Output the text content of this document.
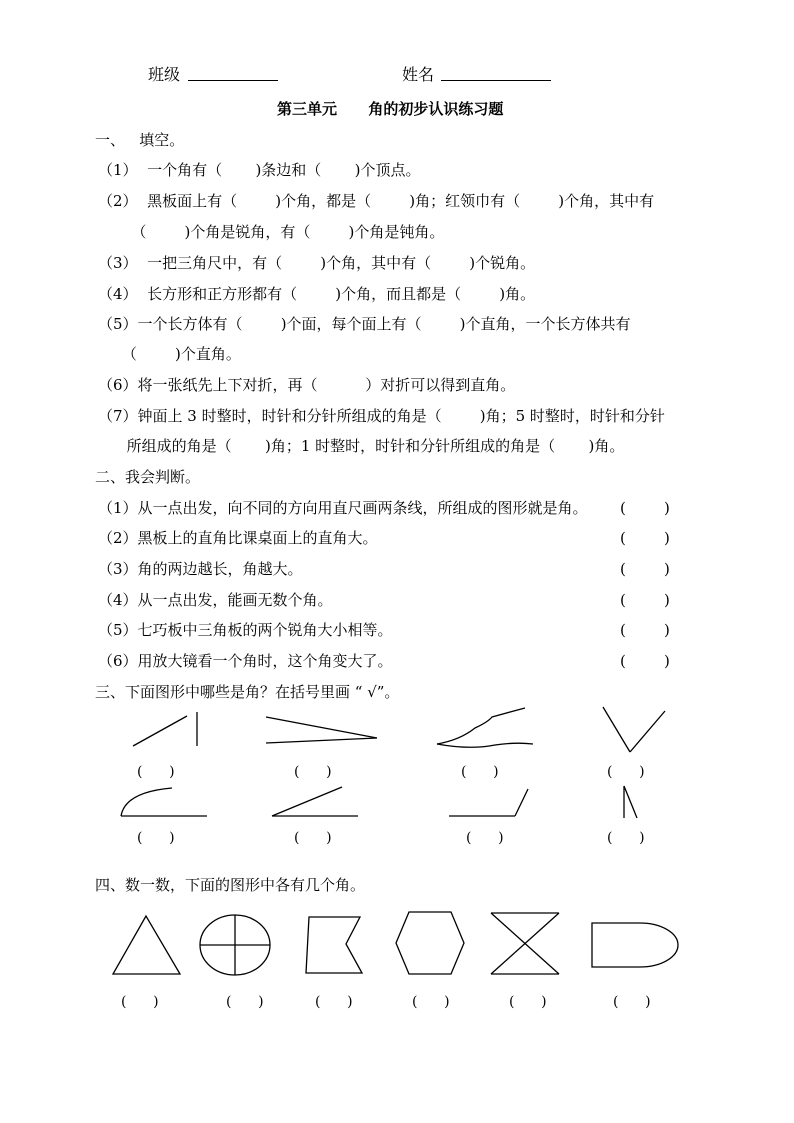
班级	姓名
第三单元      角的初步认识练习题
一、   填空。
（1）  一个角有（       )条边和（       )个顶点。
（2）  黑板面上有（        )个角，都是（        )角；红领巾有（        )个角，其中有
（        )个角是锐角，有（        )个角是钝角。
（3）  一把三角尺中，有（        )个角，其中有（        )个锐角。
（4）  长方形和正方形都有（        )个角，而且都是（        )角。
（5）一个长方体有（        )个面，每个面上有（        )个直角，一个长方体共有
（        )个直角。
（6）将一张纸先上下对折，再（          ）对折可以得到直角。
（7）钟面上 3 时整时，时针和分针所组成的角是（        )角；5 时整时，时针和分针
所组成的角是（       )角；1 时整时，时针和分针所组成的角是（       )角。
二、我会判断。
（1）从一点出发，向不同的方向用直尺画两条线，所组成的图形就是角。 (        )
（2）黑板上的直角比课桌面上的直角大。	(        )
（3）角的两边越长，角越大。	(        )
（4）从一点出发，能画无数个角。	(        )
（5）七巧板中三角板的两个锐角大小相等。	(        )
（6）用放大镜看一个角时，这个角变大了。	(        )
三、下面图形中哪些是角？在括号里画 “ √”。
(      )	(      )	(      )	(      )
(      )	(      )	(      )	(      )
四、数一数，下面的图形中各有几个角。
(      )	(      )	(      )	(      )	(      )	(      )
